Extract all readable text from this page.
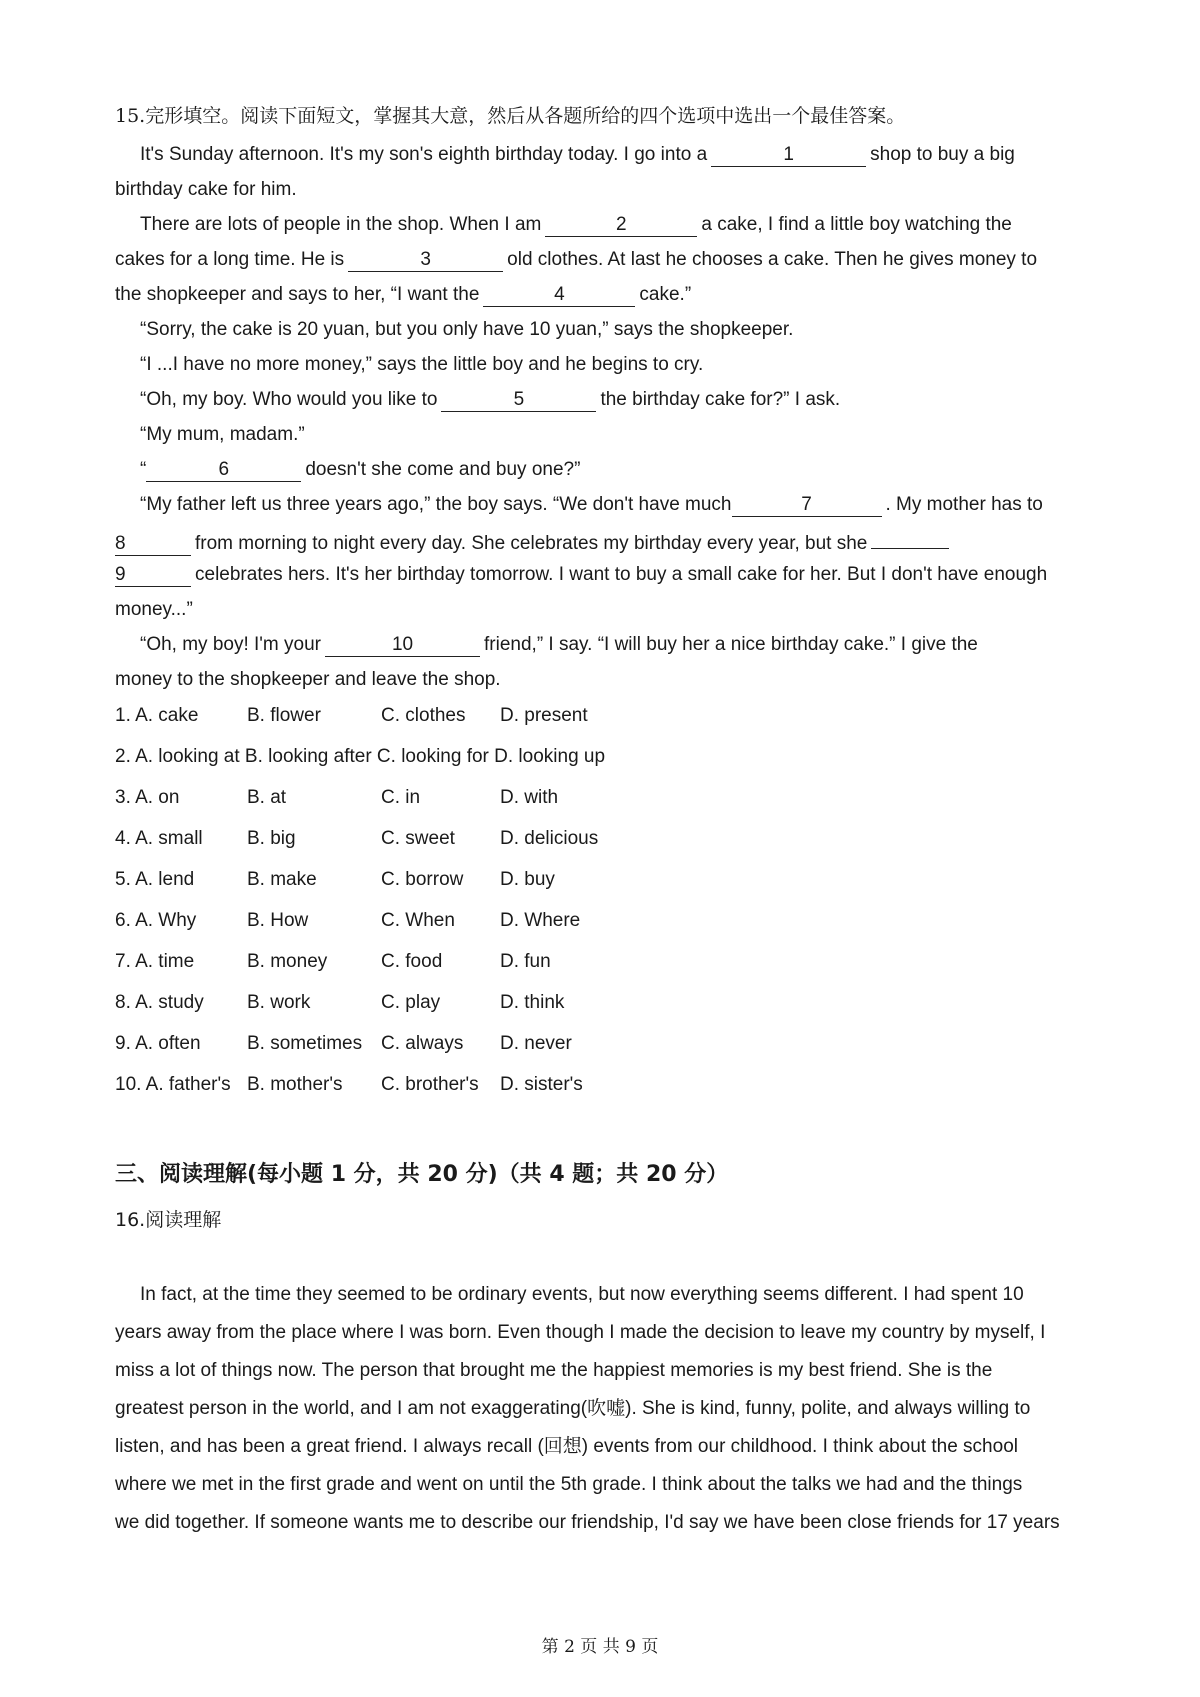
15.完形填空。阅读下面短文，掌握其大意，然后从各题所给的四个选项中选出一个最佳答案。
It's Sunday afternoon. It's my son's eighth birthday today. I go into a	1	shop to buy a big
birthday cake for him.
There are lots of people in the shop. When I am	2	a cake, I find a little boy watching the
cakes for a long time. He is	3	old clothes. At last he chooses a cake. Then he gives money to
the shopkeeper and says to her, “I want the	4	cake.”
“Sorry, the cake is 20 yuan, but you only have 10 yuan,” says the shopkeeper.
“I ...I have no more money,” says the little boy and he begins to cry.
“Oh, my boy. Who would you like to	5	the birthday cake for?” I ask.
“My mum, madam.”
“	6	doesn't she come and buy one?”
“My father left us three years ago,” the boy says. “We don't have much	7	. My mother has to
8	from morning to night every day. She celebrates my birthday every year, but she
9	celebrates hers. It's her birthday tomorrow. I want to buy a small cake for her. But I don't have enough
money...”
“Oh, my boy! I'm your	10	friend,” I say. “I will buy her a nice birthday cake.” I give the
money to the shopkeeper and leave the shop.
1. A. cake	B. flower	C. clothes D. present
2. A. looking at B. looking after C. looking for D. looking up
3. A. on	B. at	C. in	D. with
4. A. small B. big	C. sweet D. delicious
5. A. lend	B. make	C. borrow D. buy
6. A. Why	B. How	C. When D. Where
7. A. time	B. money	C. food	D. fun
8. A. study B. work	C. play	D. think
9. A. often B. sometimes C. always D. never
10. A. father's B. mother's C. brother's D. sister's
三、阅读理解(每小题 1 分，共 20 分)（共 4 题；共 20 分）
16.阅读理解
In fact, at the time they seemed to be ordinary events, but now everything seems different. I had spent 10
years away from the place where I was born. Even though I made the decision to leave my country by myself, I
miss a lot of things now. The person that brought me the happiest memories is my best friend. She is the
greatest person in the world, and I am not exaggerating(吹嘘). She is kind, funny, polite, and always willing to
listen, and has been a great friend. I always recall (回想) events from our childhood. I think about the school
where we met in the first grade and went on until the 5th grade. I think about the talks we had and the things
we did together. If someone wants me to describe our friendship, I'd say we have been close friends for 17 years
第 2 页 共 9 页
